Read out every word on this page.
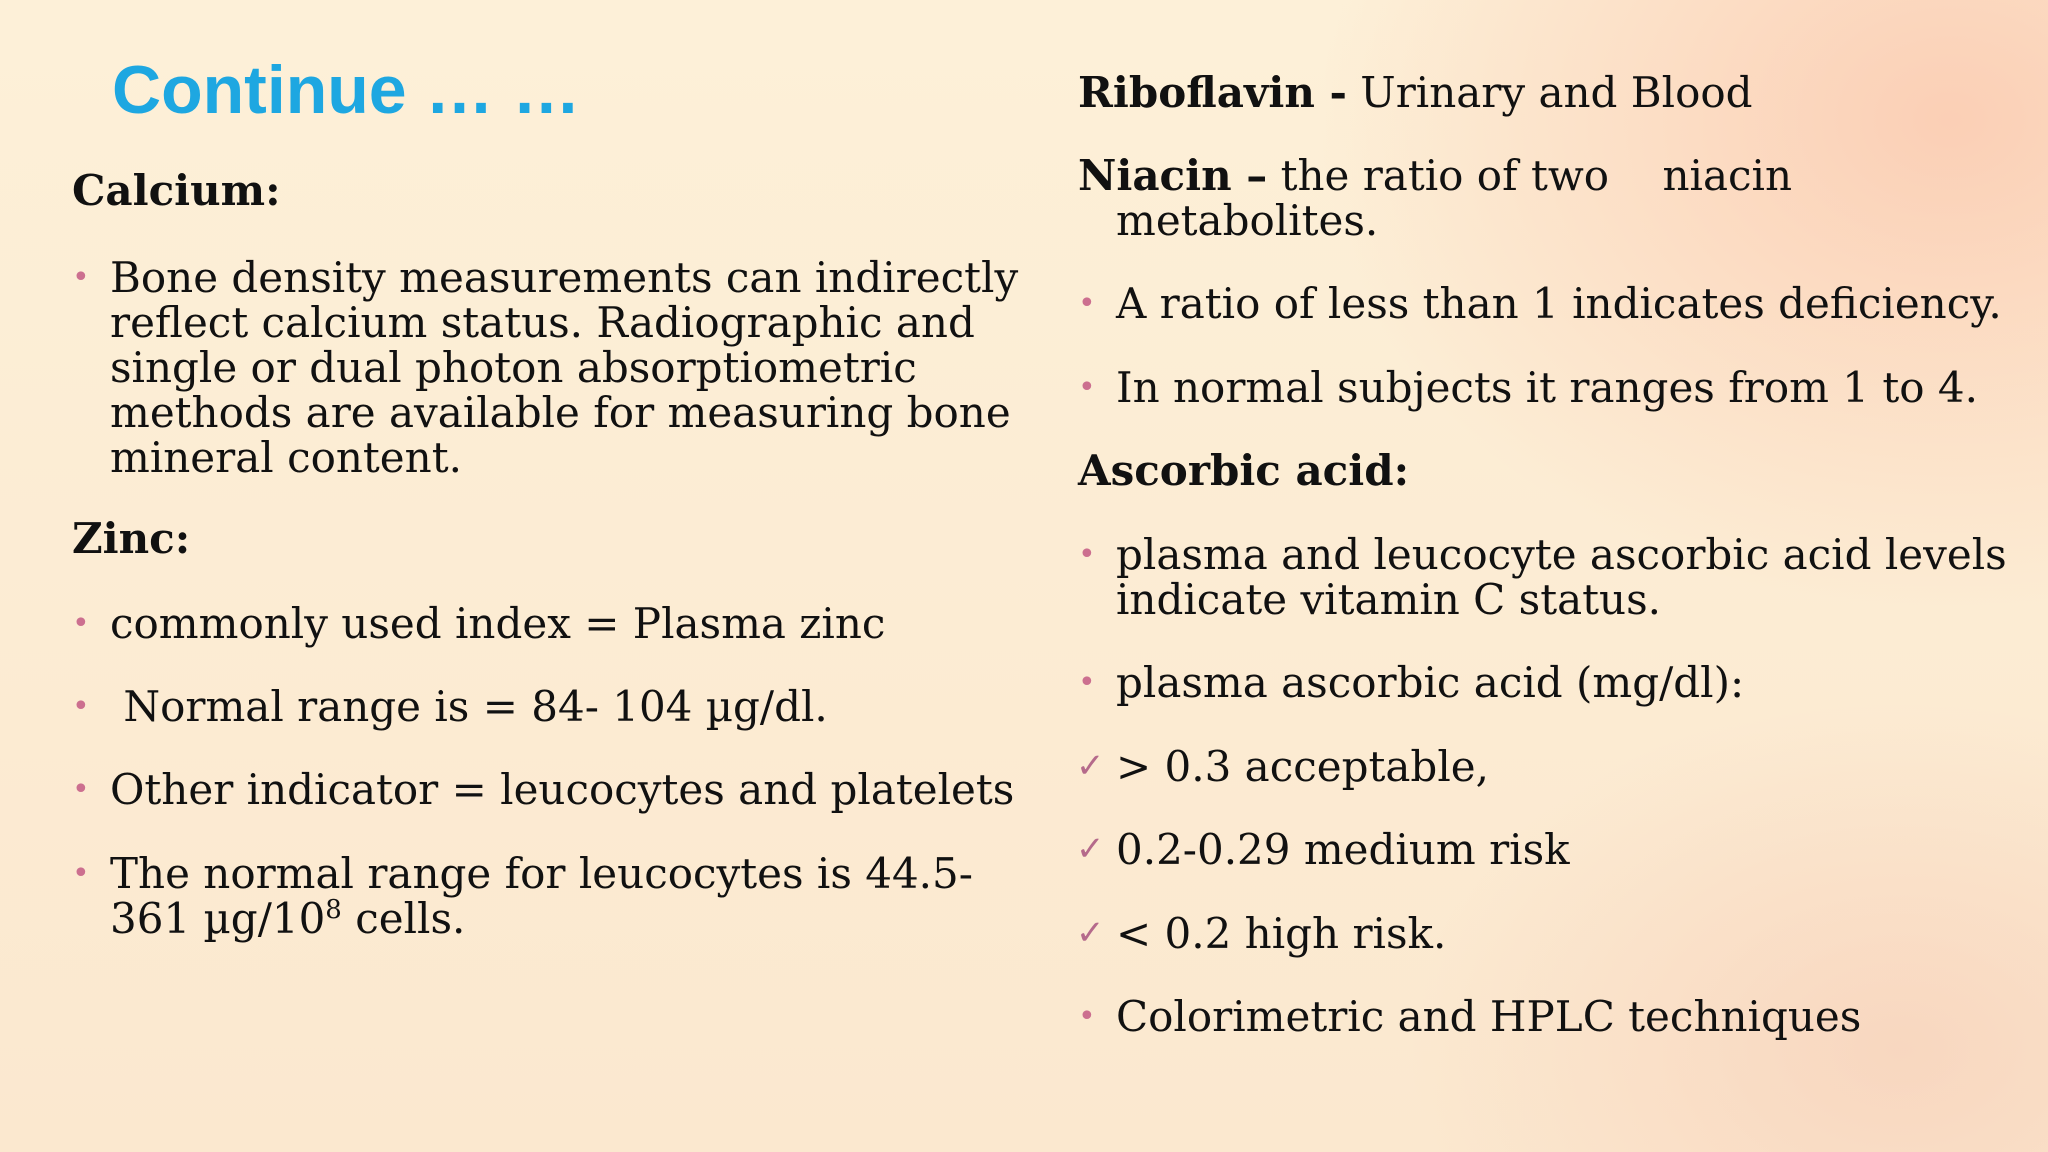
Continue … …
Calcium:
• Bone density measurements can indirectly
reflect calcium status. Radiographic and
single or dual photon absorptiometric
methods are available for measuring bone
mineral content.
Zinc:
• commonly used index = Plasma zinc
• Normal range is = 84- 104 µg/dl.
• Other indicator = leucocytes and platelets
• The normal range for leucocytes is 44.5-
361 $\mu g/10^8$ cells.
Riboflavin - Urinary and Blood
Niacin – the ratio of two    niacin
metabolites.
• A ratio of less than 1 indicates deficiency.
• In normal subjects it ranges from 1 to 4.
Ascorbic acid:
• plasma and leucocyte ascorbic acid levels
indicate vitamin C status.
• plasma ascorbic acid (mg/dl):
✓ > 0.3 acceptable,
✓ 0.2-0.29 medium risk
✓ < 0.2 high risk.
• Colorimetric and HPLC techniques
